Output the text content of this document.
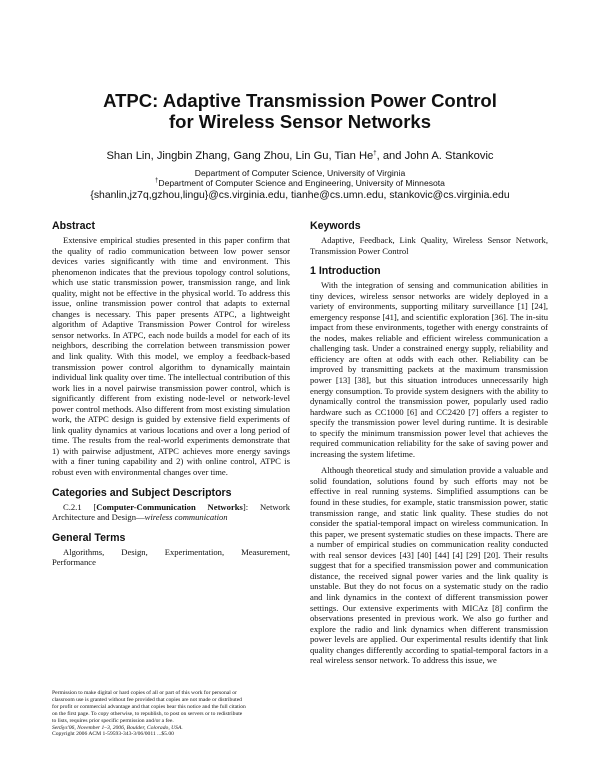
ATPC: Adaptive Transmission Power Control
for Wireless Sensor Networks
Shan Lin, Jingbin Zhang, Gang Zhou, Lin Gu, Tian He†, and John A. Stankovic
Department of Computer Science, University of Virginia
†Department of Computer Science and Engineering, University of Minnesota
{shanlin,jz7q,gzhou,lingu}@cs.virginia.edu, tianhe@cs.umn.edu, stankovic@cs.virginia.edu
Abstract

Extensive empirical studies presented in this paper confirm that the quality of radio communication between low power sensor devices varies significantly with time and environment. This phenomenon indicates that the previous topology control solutions, which use static transmission power, transmission range, and link quality, might not be effective in the physical world. To address this issue, online transmission power control that adapts to external changes is necessary. This paper presents ATPC, a lightweight algorithm of Adaptive Transmission Power Control for wireless sensor networks. In ATPC, each node builds a model for each of its neighbors, describing the correlation between transmission power and link quality. With this model, we employ a feedback-based transmission power control algorithm to dynamically maintain individual link quality over time. The intellectual contribution of this work lies in a novel pairwise transmission power control, which is significantly different from existing node-level or network-level power control methods. Also different from most existing simulation work, the ATPC design is guided by extensive field experiments of link quality dynamics at various locations and over a long period of time. The results from the real-world experiments demonstrate that 1) with pairwise adjustment, ATPC achieves more energy savings with a finer tuning capability and 2) with online control, ATPC is robust even with environmental changes over time.

Categories and Subject Descriptors

C.2.1 [Computer-Communication Networks]: Network Architecture and Design—wireless communication

General Terms

Algorithms, Design, Experimentation, Measurement, Performance

Keywords

Adaptive, Feedback, Link Quality, Wireless Sensor Network, Transmission Power Control

1 Introduction

With the integration of sensing and communication abilities in tiny devices, wireless sensor networks are widely deployed in a variety of environments, supporting military surveillance [1] [24], emergency response [41], and scientific exploration [36]. The in-situ impact from these environments, together with energy constraints of the nodes, makes reliable and efficient wireless communication a challenging task. Under a constrained energy supply, reliability and efficiency are often at odds with each other. Reliability can be improved by transmitting packets at the maximum transmission power [13] [38], but this situation introduces unnecessarily high energy consumption. To provide system designers with the ability to dynamically control the transmission power, popularly used radio hardware such as CC1000 [6] and CC2420 [7] offers a register to specify the transmission power level during runtime. It is desirable to specify the minimum transmission power level that achieves the required communication reliability for the sake of saving power and increasing the system lifetime.

Although theoretical study and simulation provide a valuable and solid foundation, solutions found by such efforts may not be effective in real running systems. Simplified assumptions can be found in these studies, for example, static transmission power, static transmission range, and static link quality. These studies do not consider the spatial-temporal impact on wireless communication. In this paper, we present systematic studies on these impacts. There are a number of empirical studies on communication reality conducted with real sensor devices [43] [40] [44] [4] [29] [20]. Their results suggest that for a specified transmission power and communication distance, the received signal power varies and the link quality is unstable. But they do not focus on a systematic study on the radio and link dynamics in the context of different transmission power settings. Our extensive experiments with MICAz [8] confirm the observations presented in previous work. We also go further and explore the radio and link dynamics when different transmission power levels are applied. Our experimental results identify that link quality changes differently according to spatial-temporal factors in a real wireless sensor network. To address this issue, we

Permission to make digital or hard copies of all or part of this work for personal or
classroom use is granted without fee provided that copies are not made or distributed
for profit or commercial advantage and that copies bear this notice and the full citation
on the first page. To copy otherwise, to republish, to post on servers or to redistribute
to lists, requires prior specific permission and/or a fee.
SenSys'06, November 1–3, 2006, Boulder, Colorado, USA.
Copyright 2006 ACM 1-59593-343-3/06/0011 ...$5.00
